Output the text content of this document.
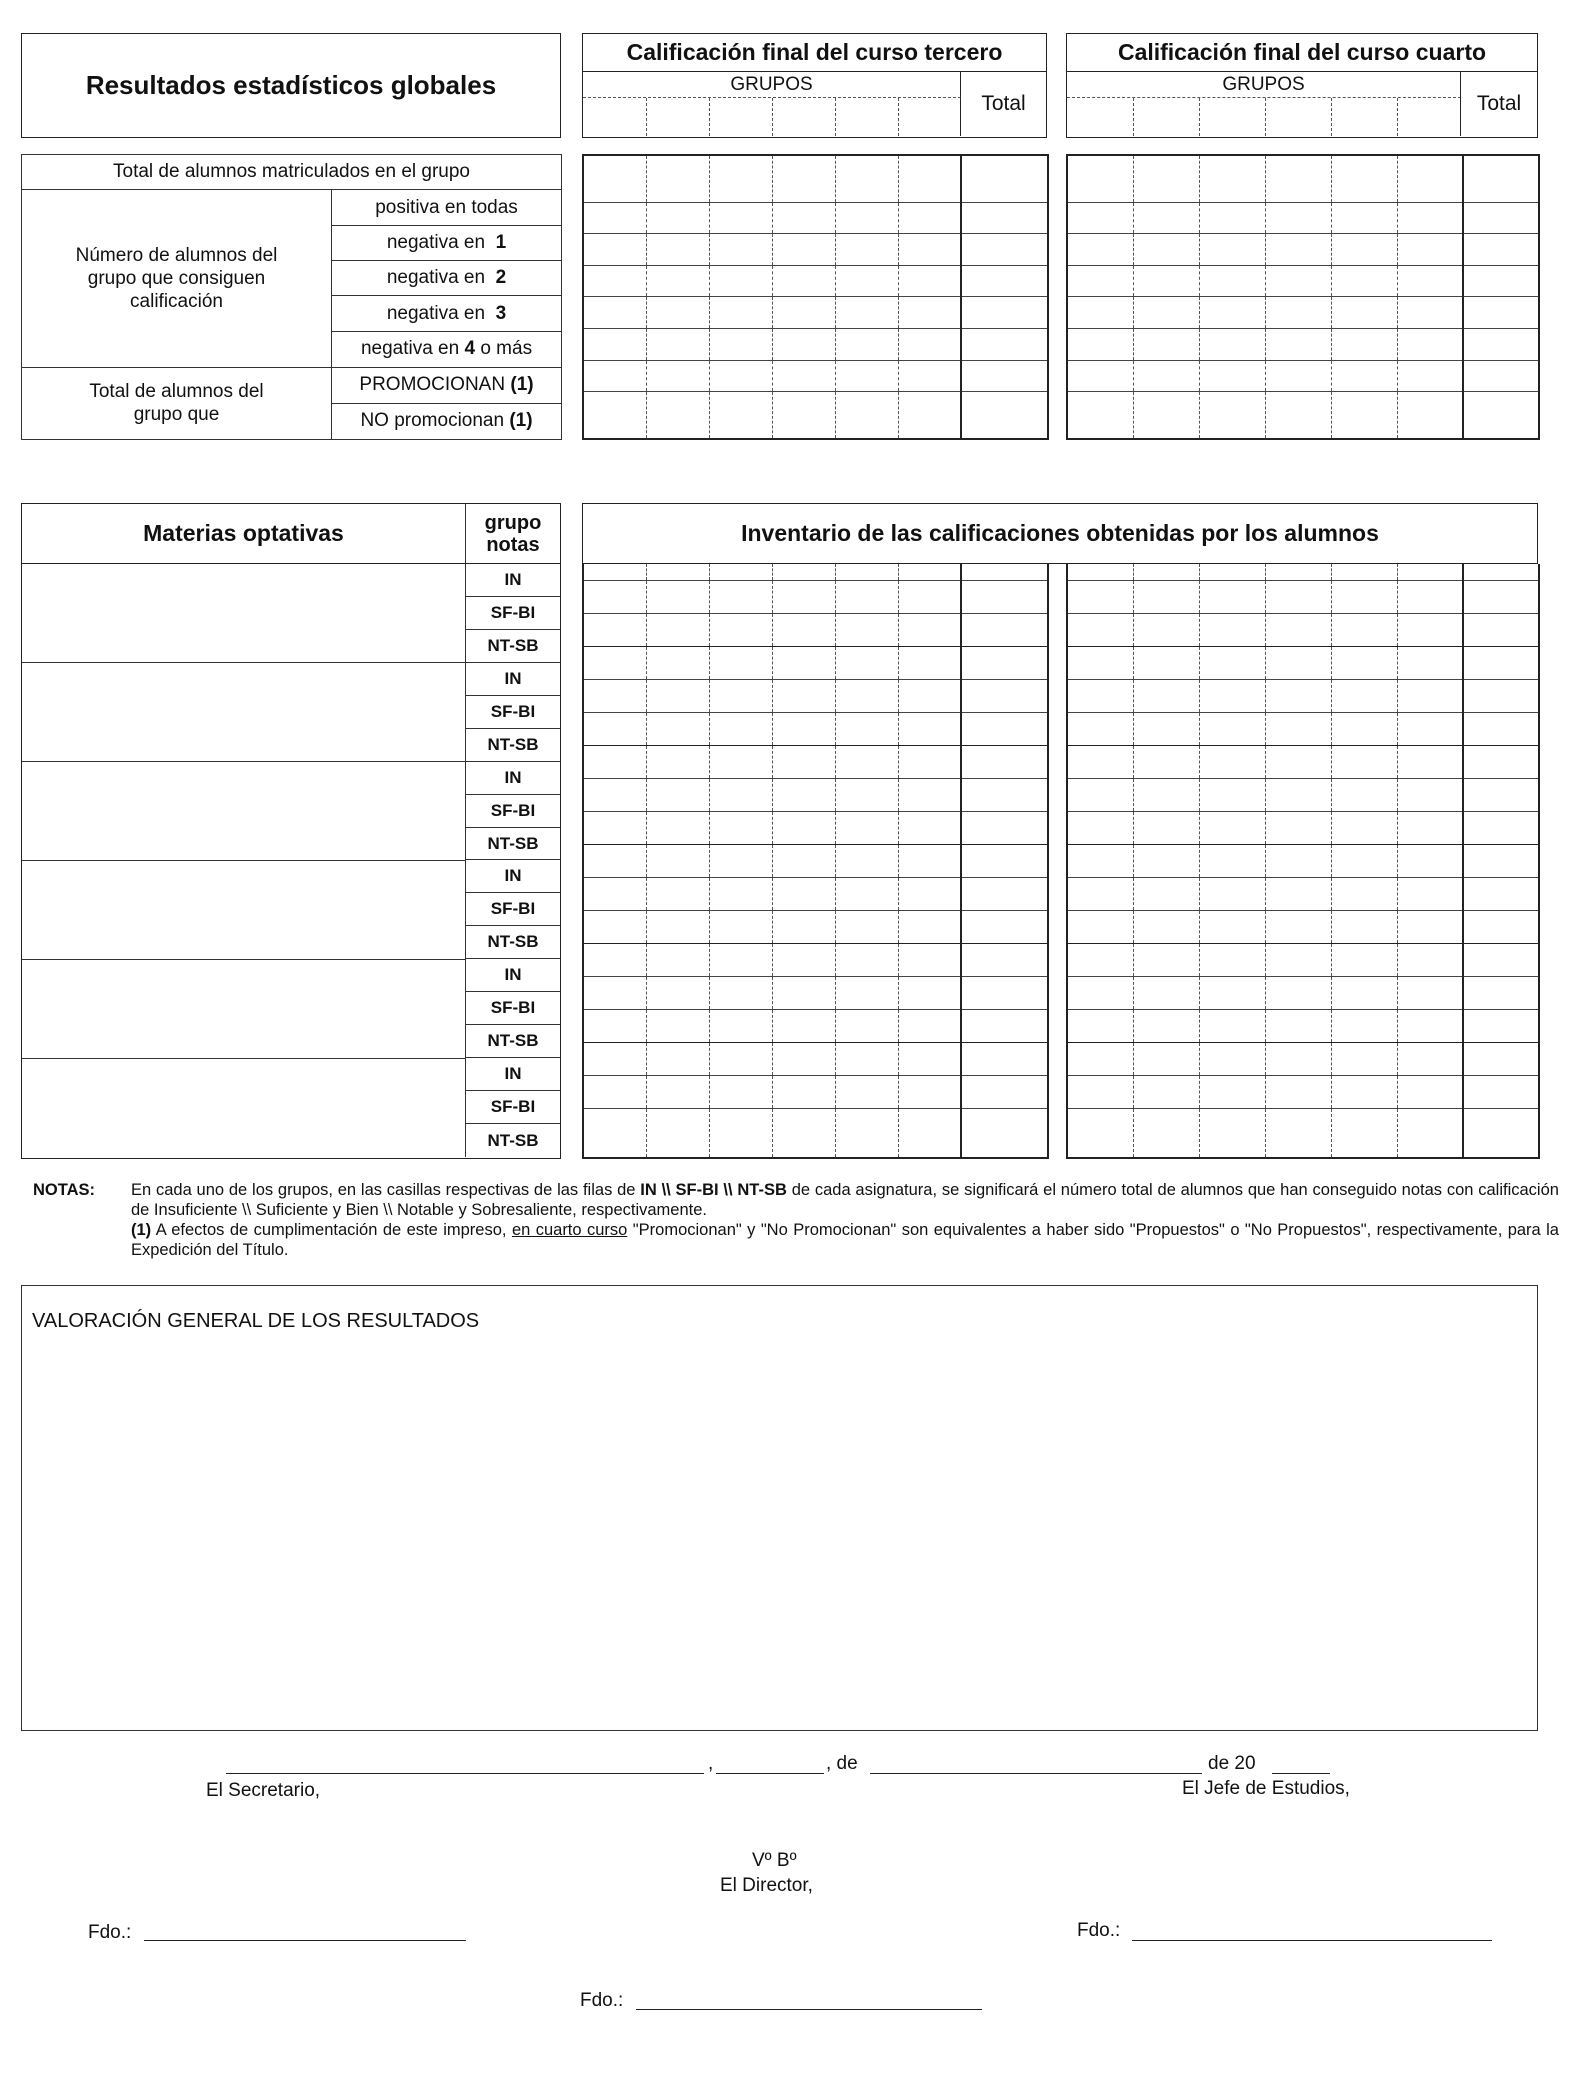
Resultados estadísticos globales
Calificación final del curso tercero
GRUPOS
Total
Calificación final del curso cuarto
GRUPOS
Total
Total de alumnos matriculados en el grupo	
Número de alumnos del grupo que consiguen calificación	positiva en todas
	negativa en 1
	negativa en 2
	negativa en 3
	negativa en 4 o más
Total de alumnos del grupo que	PROMOCIONAN (1)
	NO promocionan (1)

Materias optativas	grupo notas	Inventario de las calificaciones obtenidas por los alumnos
IN
SF-BI
NT-SB
IN
SF-BI
NT-SB
IN
SF-BI
NT-SB
IN
SF-BI
NT-SB
IN
SF-BI
NT-SB
IN
SF-BI
NT-SB

NOTAS: En cada uno de los grupos, en las casillas respectivas de las filas de IN \\ SF-BI \\ NT-SB de cada asignatura, se significará el número total de alumnos que han conseguido notas con calificación de Insuficiente \\ Suficiente y Bien \\ Notable y Sobresaliente, respectivamente.
(1) A efectos de cumplimentación de este impreso, en cuarto curso "Promocionan" y "No Promocionan" son equivalentes a haber sido "Propuestos" o "No Propuestos", respectivamente, para la Expedición del Título.
VALORACIÓN GENERAL DE LOS RESULTADOS
,	, de	de 20
El Secretario,	El Jefe de Estudios,
Vº Bº
El Director,
Fdo.:	Fdo.:
Fdo.:
